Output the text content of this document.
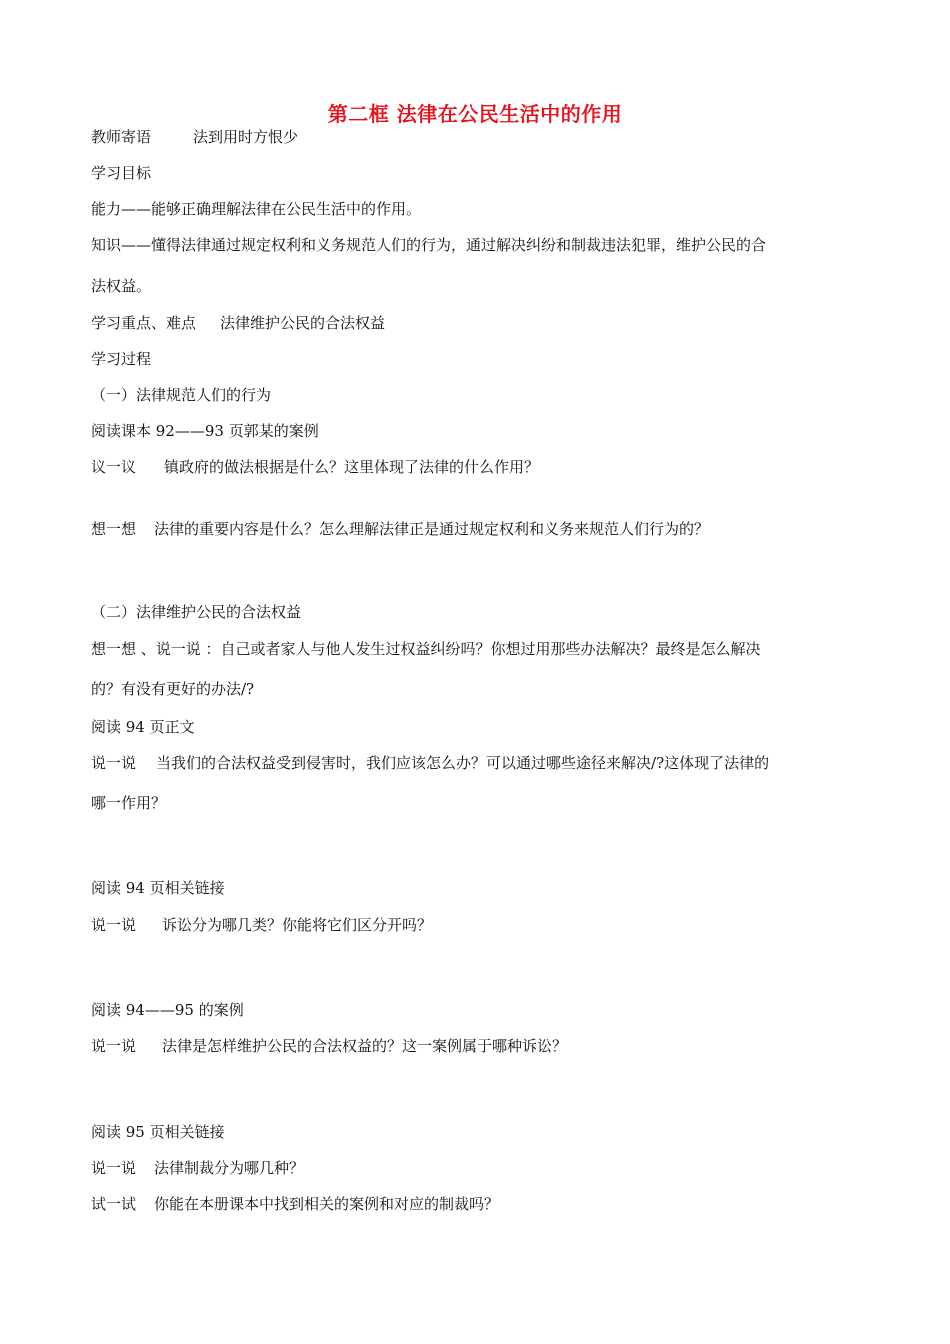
第二框 法律在公民生活中的作用
教师寄语	法到用时方恨少
学习目标
能力——能够正确理解法律在公民生活中的作用。
知识——懂得法律通过规定权利和义务规范人们的行为，通过解决纠纷和制裁违法犯罪，维护公民的合
法权益。
学习重点、难点 法律维护公民的合法权益
学习过程
（一）法律规范人们的行为
阅读课本 92——93 页郭某的案例
议一议 镇政府的做法根据是什么？这里体现了法律的什么作用？
想一想 法律的重要内容是什么？怎么理解法律正是通过规定权利和义务来规范人们行为的？
（二）法律维护公民的合法权益
想一想 、说一说 ：自己或者家人与他人发生过权益纠纷吗？你想过用那些办法解决？最终是怎么解决
的？有没有更好的办法/?
阅读 94 页正文
说一说 当我们的合法权益受到侵害时，我们应该怎么办？可以通过哪些途径来解决/?这体现了法律的
哪一作用？
阅读 94 页相关链接
说一说 诉讼分为哪几类？你能将它们区分开吗？
阅读 94——95 的案例
说一说 法律是怎样维护公民的合法权益的？这一案例属于哪种诉讼？
阅读 95 页相关链接
说一说 法律制裁分为哪几种？
试一试 你能在本册课本中找到相关的案例和对应的制裁吗？
